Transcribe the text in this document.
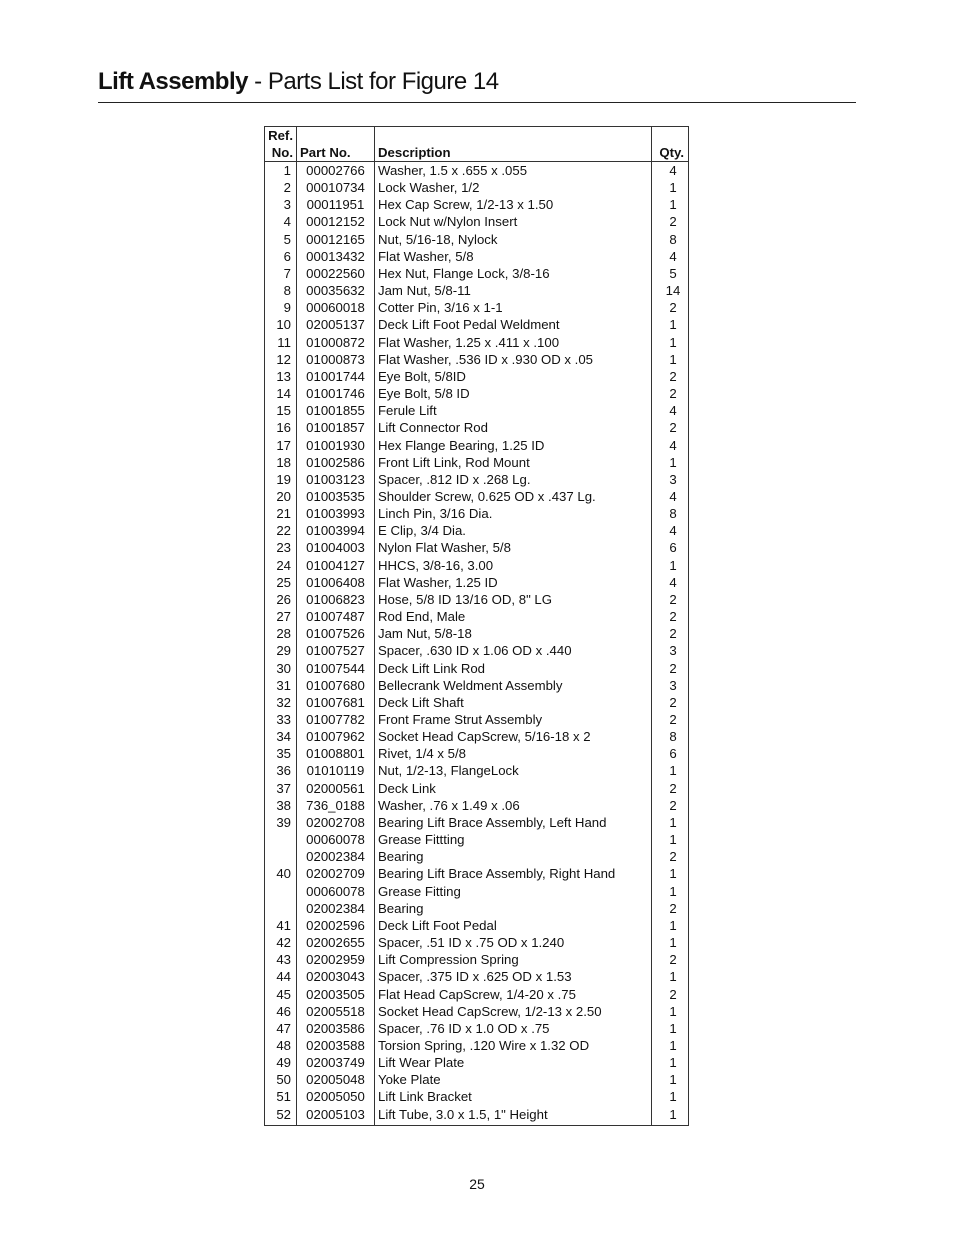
Lift Assembly - Parts List for Figure 14
Ref.
No.	Part No.	Description	Qty.
1	00002766	Washer, 1.5 x .655 x .055	4
2	00010734	Lock Washer, 1/2	1
3	00011951	Hex Cap Screw, 1/2-13 x 1.50	1
4	00012152	Lock Nut w/Nylon Insert	2
5	00012165	Nut, 5/16-18, Nylock	8
6	00013432	Flat Washer, 5/8	4
7	00022560	Hex Nut, Flange Lock, 3/8-16	5
8	00035632	Jam Nut, 5/8-11	14
9	00060018	Cotter Pin, 3/16 x 1-1	2
10	02005137	Deck Lift Foot Pedal Weldment	1
11	01000872	Flat Washer, 1.25 x .411 x .100	1
12	01000873	Flat Washer, .536 ID x .930 OD x .05	1
13	01001744	Eye Bolt, 5/8ID	2
14	01001746	Eye Bolt, 5/8 ID	2
15	01001855	Ferule Lift	4
16	01001857	Lift Connector Rod	2
17	01001930	Hex Flange Bearing, 1.25 ID	4
18	01002586	Front Lift Link, Rod Mount	1
19	01003123	Spacer, .812 ID x .268 Lg.	3
20	01003535	Shoulder Screw, 0.625 OD x .437 Lg.	4
21	01003993	Linch Pin, 3/16 Dia.	8
22	01003994	E Clip, 3/4 Dia.	4
23	01004003	Nylon Flat Washer, 5/8	6
24	01004127	HHCS, 3/8-16, 3.00	1
25	01006408	Flat Washer, 1.25 ID	4
26	01006823	Hose, 5/8 ID 13/16 OD, 8" LG	2
27	01007487	Rod End, Male	2
28	01007526	Jam Nut, 5/8-18	2
29	01007527	Spacer, .630 ID x 1.06 OD x .440	3
30	01007544	Deck Lift Link Rod	2
31	01007680	Bellecrank Weldment Assembly	3
32	01007681	Deck Lift Shaft	2
33	01007782	Front Frame Strut Assembly	2
34	01007962	Socket Head CapScrew, 5/16-18 x 2	8
35	01008801	Rivet, 1/4 x 5/8	6
36	01010119	Nut, 1/2-13, FlangeLock	1
37	02000561	Deck Link	2
38	736_0188	Washer, .76 x 1.49 x .06	2
39	02002708	Bearing Lift Brace Assembly, Left Hand	1
	00060078	Grease Fittting	1
	02002384	Bearing	2
40	02002709	Bearing Lift Brace Assembly, Right Hand	1
	00060078	Grease Fitting	1
	02002384	Bearing	2
41	02002596	Deck Lift Foot Pedal	1
42	02002655	Spacer, .51 ID x .75 OD x 1.240	1
43	02002959	Lift Compression Spring	2
44	02003043	Spacer, .375 ID x .625 OD x 1.53	1
45	02003505	Flat Head CapScrew, 1/4-20 x .75	2
46	02005518	Socket Head CapScrew, 1/2-13 x 2.50	1
47	02003586	Spacer, .76 ID x 1.0 OD x .75	1
48	02003588	Torsion Spring, .120 Wire x 1.32 OD	1
49	02003749	Lift Wear Plate	1
50	02005048	Yoke Plate	1
51	02005050	Lift Link Bracket	1
52	02005103	Lift Tube, 3.0 x 1.5, 1" Height	1
25
